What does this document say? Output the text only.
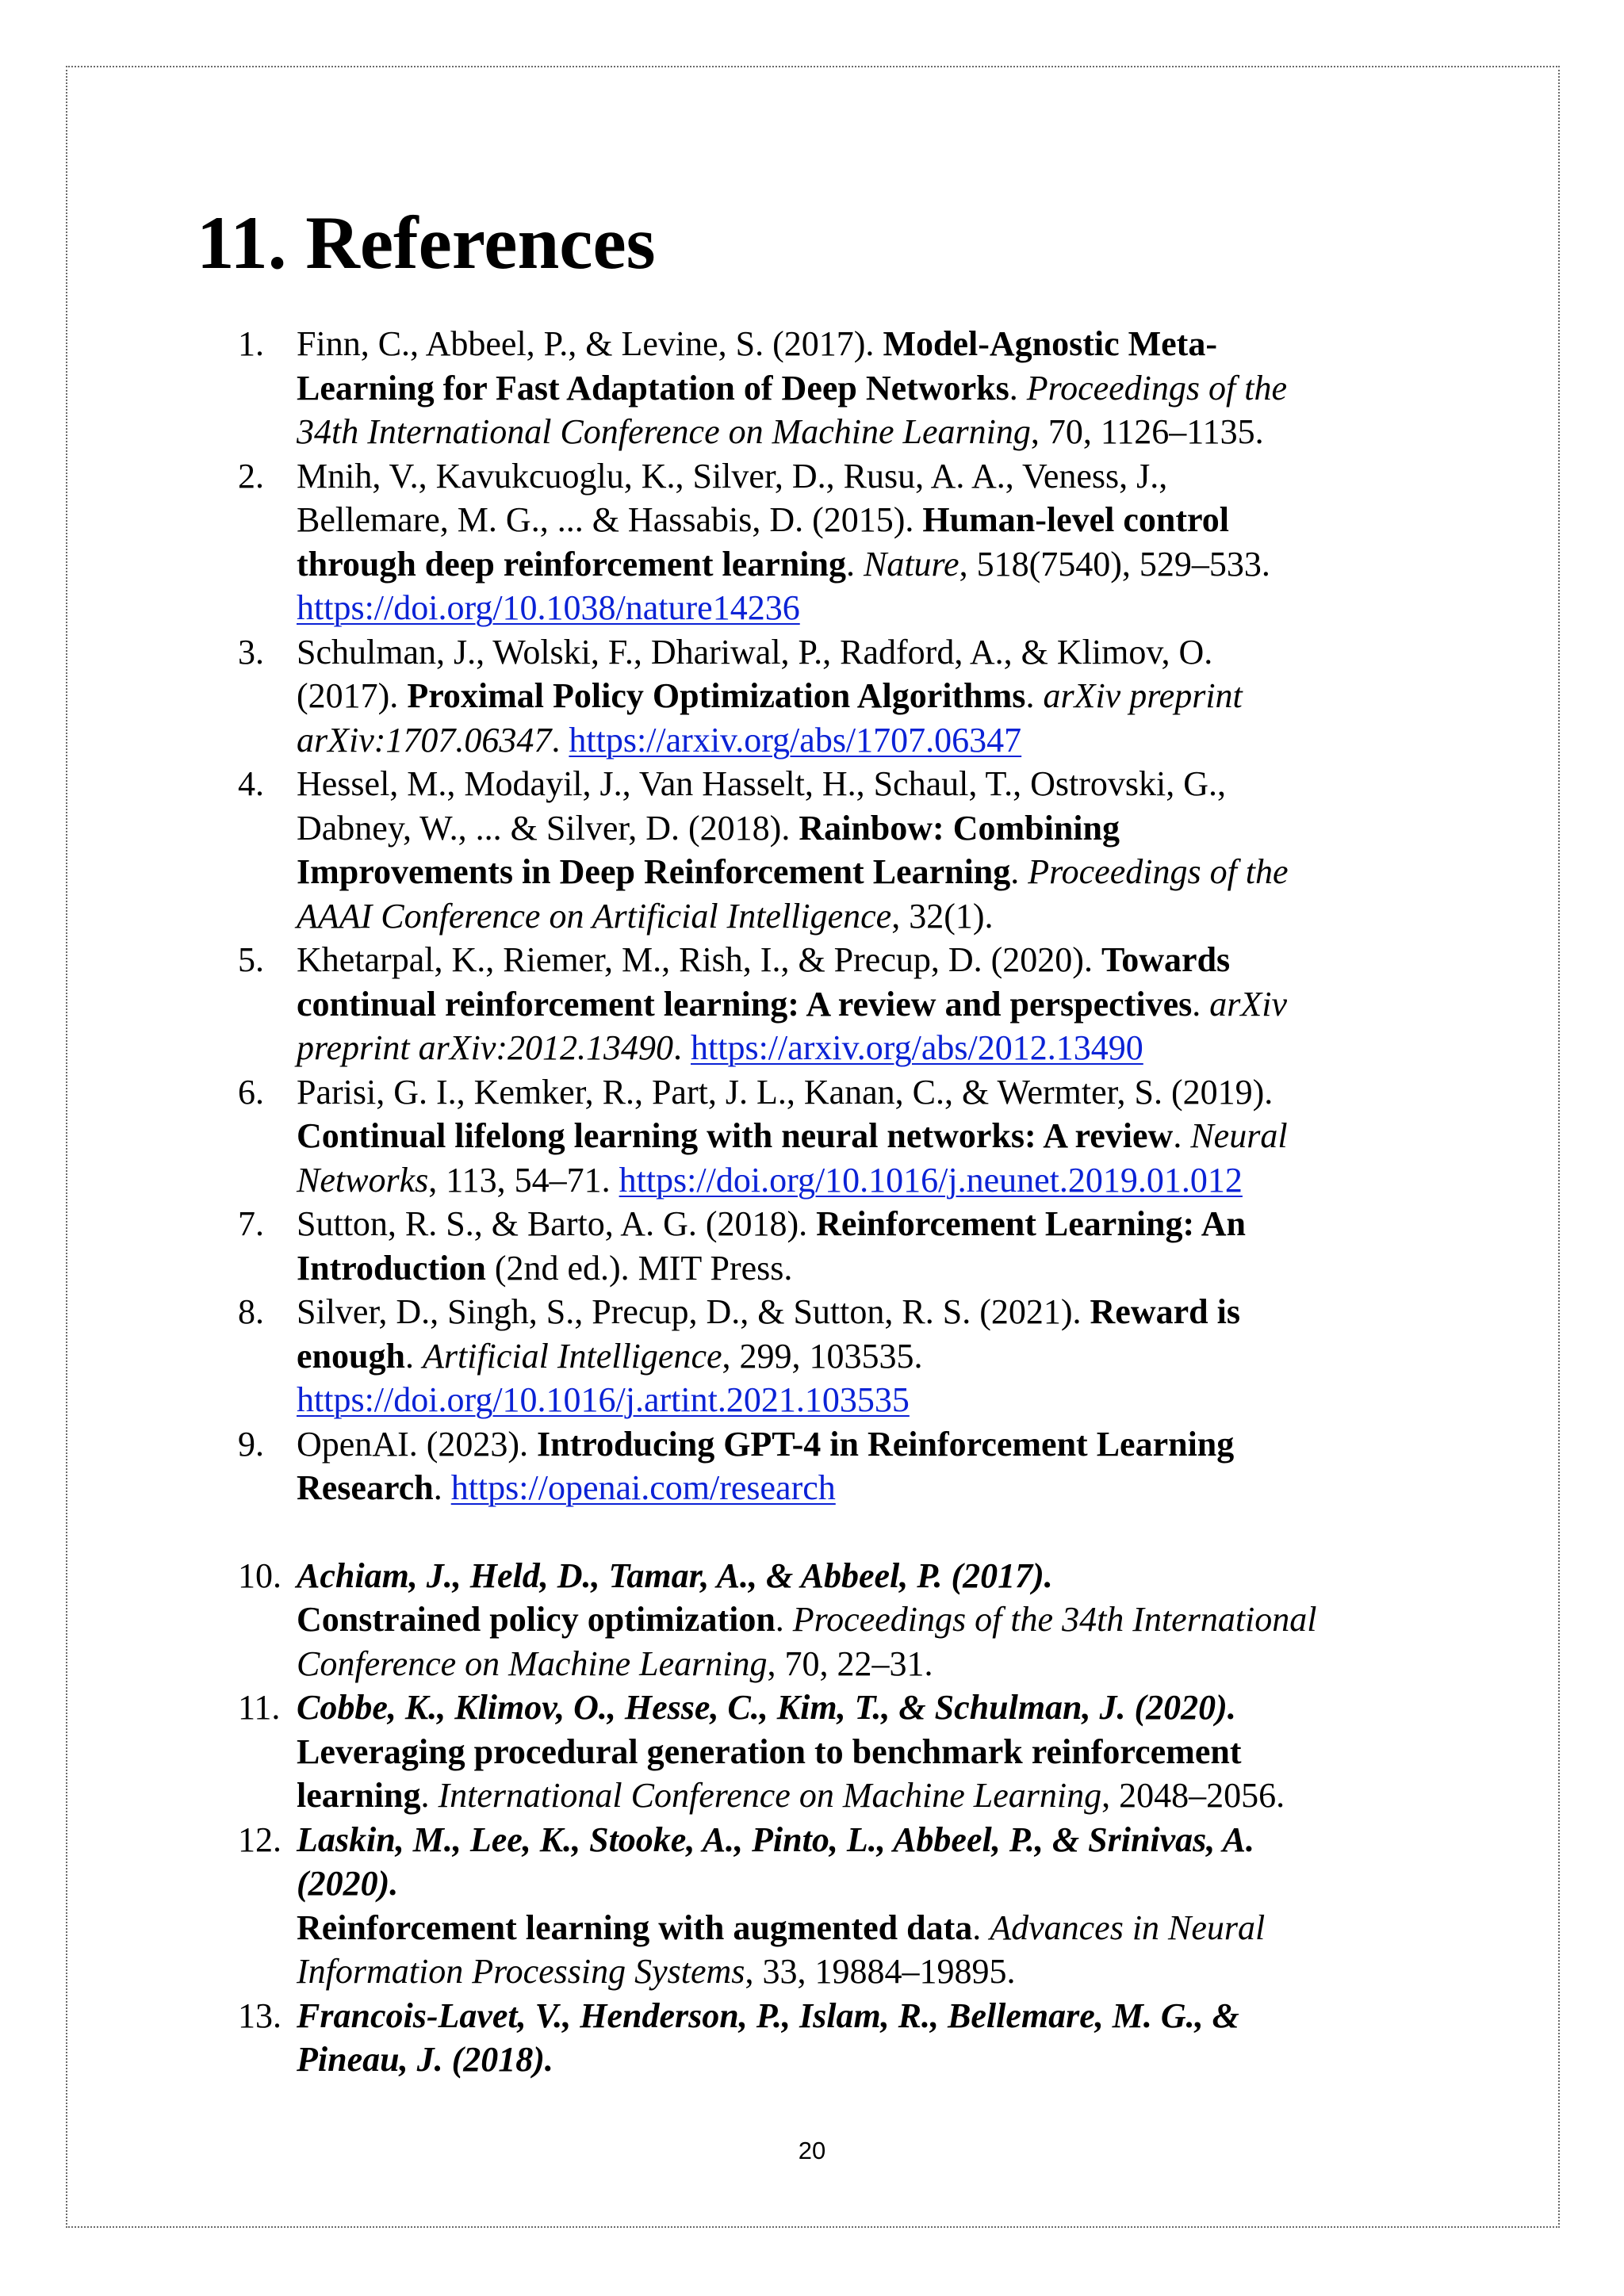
11. References
1. Finn, C., Abbeel, P., & Levine, S. (2017). Model-Agnostic Meta-
Learning for Fast Adaptation of Deep Networks. Proceedings of the
34th International Conference on Machine Learning, 70, 1126–1135.
2. Mnih, V., Kavukcuoglu, K., Silver, D., Rusu, A. A., Veness, J.,
Bellemare, M. G., ... & Hassabis, D. (2015). Human-level control
through deep reinforcement learning. Nature, 518(7540), 529–533.
https://doi.org/10.1038/nature14236
3. Schulman, J., Wolski, F., Dhariwal, P., Radford, A., & Klimov, O.
(2017). Proximal Policy Optimization Algorithms. arXiv preprint
arXiv:1707.06347. https://arxiv.org/abs/1707.06347
4. Hessel, M., Modayil, J., Van Hasselt, H., Schaul, T., Ostrovski, G.,
Dabney, W., ... & Silver, D. (2018). Rainbow: Combining
Improvements in Deep Reinforcement Learning. Proceedings of the
AAAI Conference on Artificial Intelligence, 32(1).
5. Khetarpal, K., Riemer, M., Rish, I., & Precup, D. (2020). Towards
continual reinforcement learning: A review and perspectives. arXiv
preprint arXiv:2012.13490. https://arxiv.org/abs/2012.13490
6. Parisi, G. I., Kemker, R., Part, J. L., Kanan, C., & Wermter, S. (2019).
Continual lifelong learning with neural networks: A review. Neural
Networks, 113, 54–71. https://doi.org/10.1016/j.neunet.2019.01.012
7. Sutton, R. S., & Barto, A. G. (2018). Reinforcement Learning: An
Introduction (2nd ed.). MIT Press.
8. Silver, D., Singh, S., Precup, D., & Sutton, R. S. (2021). Reward is
enough. Artificial Intelligence, 299, 103535.
https://doi.org/10.1016/j.artint.2021.103535
9. OpenAI. (2023). Introducing GPT-4 in Reinforcement Learning
Research. https://openai.com/research
10. Achiam, J., Held, D., Tamar, A., & Abbeel, P. (2017).
Constrained policy optimization. Proceedings of the 34th International
Conference on Machine Learning, 70, 22–31.
11. Cobbe, K., Klimov, O., Hesse, C., Kim, T., & Schulman, J. (2020).
Leveraging procedural generation to benchmark reinforcement
learning. International Conference on Machine Learning, 2048–2056.
12. Laskin, M., Lee, K., Stooke, A., Pinto, L., Abbeel, P., & Srinivas, A.
(2020).
Reinforcement learning with augmented data. Advances in Neural
Information Processing Systems, 33, 19884–19895.
13. Francois-Lavet, V., Henderson, P., Islam, R., Bellemare, M. G., &
Pineau, J. (2018).
20
